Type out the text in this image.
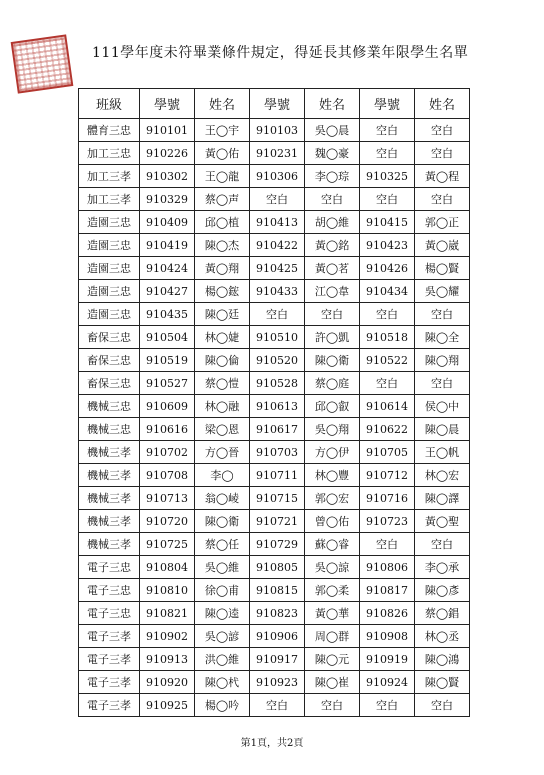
111學年度未符畢業條件規定，得延長其修業年限學生名單
班級	學號	姓名	學號	姓名	學號	姓名
體育三忠	910101	王◯宇	910103	吳◯晨	空白	空白
加工三忠	910226	黃◯佑	910231	魏◯豪	空白	空白
加工三孝	910302	王◯龍	910306	李◯琮	910325	黃◯程
加工三孝	910329	蔡◯声	空白	空白	空白	空白
造園三忠	910409	邱◯植	910413	胡◯維	910415	郭◯正
造園三忠	910419	陳◯杰	910422	黃◯銘	910423	黃◯崴
造園三忠	910424	黃◯翔	910425	黃◯茗	910426	楊◯賢
造園三忠	910427	楊◯鋐	910433	江◯韋	910434	吳◯耀
造園三忠	910435	陳◯廷	空白	空白	空白	空白
畜保三忠	910504	林◯婕	910510	許◯凱	910518	陳◯全
畜保三忠	910519	陳◯倫	910520	陳◯衛	910522	陳◯翔
畜保三忠	910527	蔡◯愷	910528	蔡◯庭	空白	空白
機械三忠	910609	林◯融	910613	邱◯叡	910614	侯◯中
機械三忠	910616	梁◯恩	910617	吳◯翔	910622	陳◯晨
機械三孝	910702	方◯晉	910703	方◯伊	910705	王◯帆
機械三孝	910708	李◯	910711	林◯豐	910712	林◯宏
機械三孝	910713	翁◯崚	910715	郭◯宏	910716	陳◯譯
機械三孝	910720	陳◯衛	910721	曾◯佑	910723	黃◯聖
機械三孝	910725	蔡◯任	910729	蘇◯睿	空白	空白
電子三忠	910804	吳◯維	910805	吳◯諒	910806	李◯承
電子三忠	910810	徐◯甫	910815	郭◯柔	910817	陳◯彥
電子三忠	910821	陳◯逵	910823	黃◯華	910826	蔡◯錩
電子三孝	910902	吳◯諺	910906	周◯群	910908	林◯丞
電子三孝	910913	洪◯維	910917	陳◯元	910919	陳◯鴻
電子三孝	910920	陳◯杙	910923	陳◯崔	910924	陳◯賢
電子三孝	910925	楊◯吟	空白	空白	空白	空白
第1頁，共2頁
